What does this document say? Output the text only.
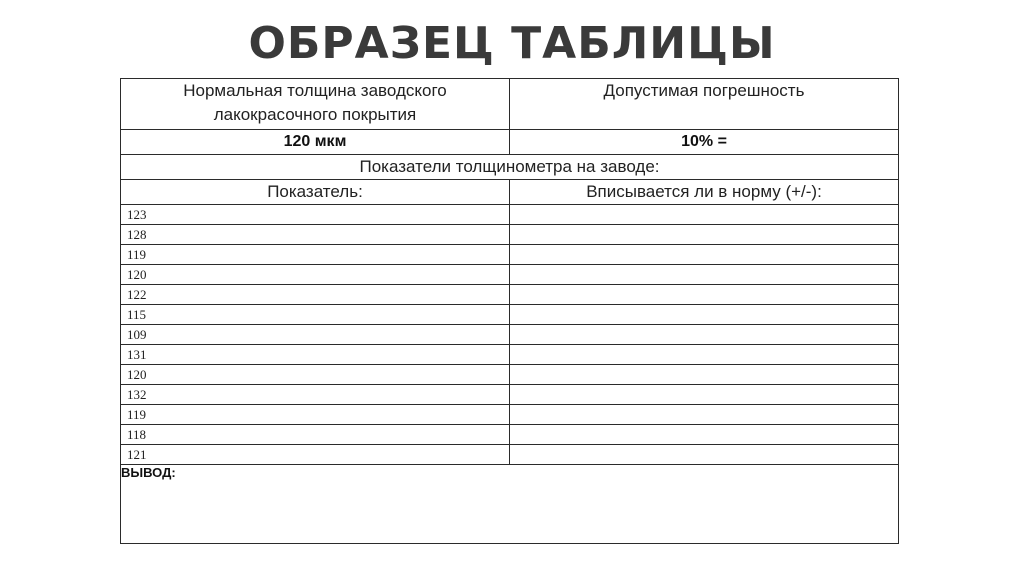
ОБРАЗЕЦ ТАБЛИЦЫ
Нормальная толщина заводского лакокрасочного покрытия	Допустимая погрешность

120 мкм	10% =
Показатели толщинометра на заводе:	
Показатель:	Вписывается ли в норму (+/-):
123	
128	
119	
120	
122	
115	
109	
131	
120	
132	
119	
118	
121	
ВЫВОД:	
